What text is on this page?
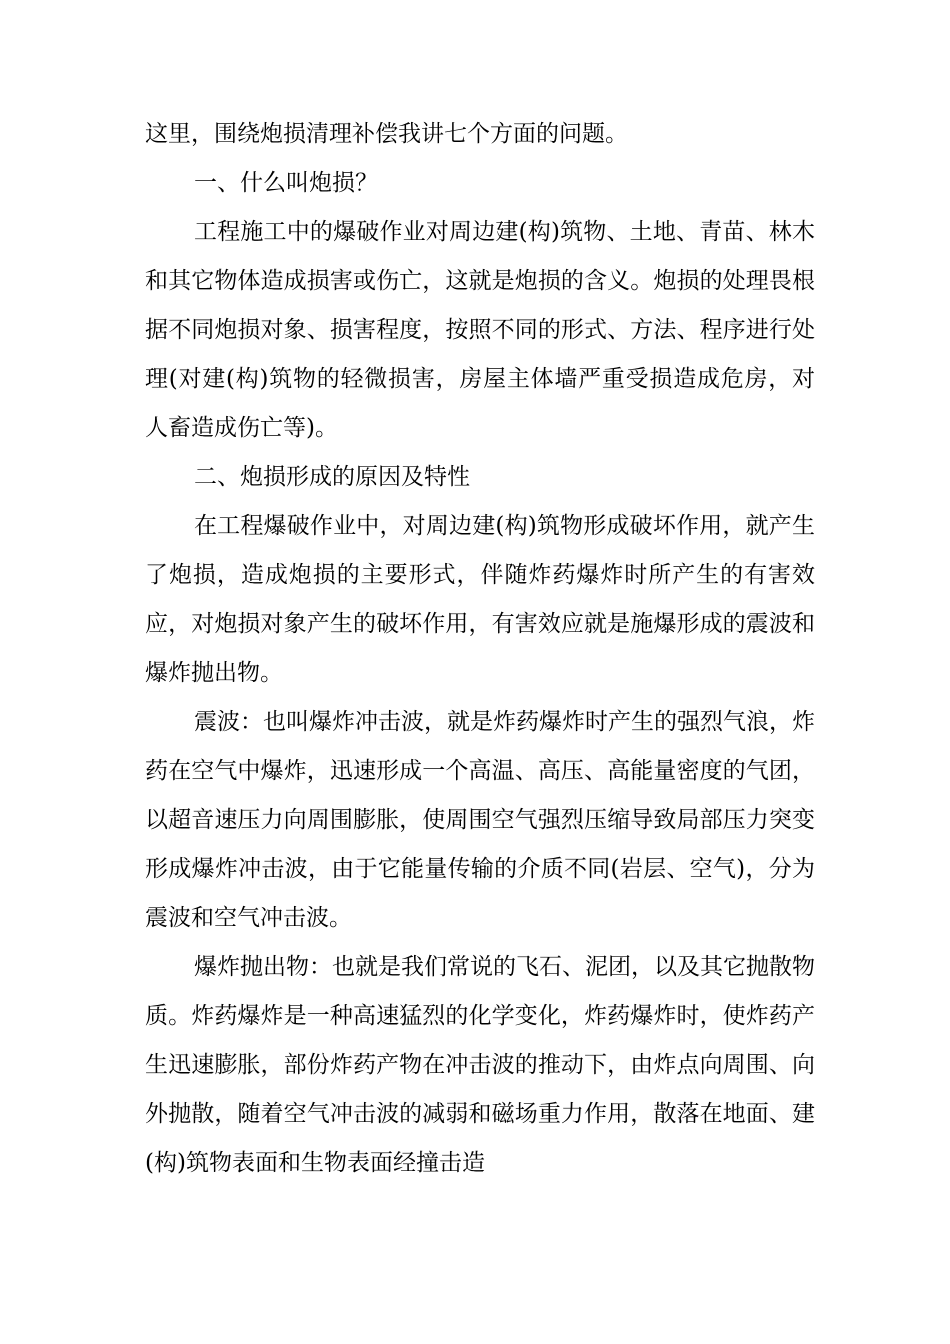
这里，围绕炮损清理补偿我讲七个方面的问题。

一、什么叫炮损？

工程施工中的爆破作业对周边建(构)筑物、土地、青苗、林木和其它物体造成损害或伤亡，这就是炮损的含义。炮损的处理畏根据不同炮损对象、损害程度，按照不同的形式、方法、程序进行处理(对建(构)筑物的轻微损害，房屋主体墙严重受损造成危房，对人畜造成伤亡等)。

二、炮损形成的原因及特性

在工程爆破作业中，对周边建(构)筑物形成破坏作用，就产生了炮损，造成炮损的主要形式，伴随炸药爆炸时所产生的有害效应，对炮损对象产生的破坏作用，有害效应就是施爆形成的震波和爆炸抛出物。

震波：也叫爆炸冲击波，就是炸药爆炸时产生的强烈气浪，炸药在空气中爆炸，迅速形成一个高温、高压、高能量密度的气团，以超音速压力向周围膨胀，使周围空气强烈压缩导致局部压力突变形成爆炸冲击波，由于它能量传输的介质不同(岩层、空气)，分为震波和空气冲击波。

爆炸抛出物：也就是我们常说的飞石、泥团，以及其它抛散物质。炸药爆炸是一种高速猛烈的化学变化，炸药爆炸时，使炸药产生迅速膨胀，部份炸药产物在冲击波的推动下，由炸点向周围、向外抛散，随着空气冲击波的减弱和磁场重力作用，散落在地面、建(构)筑物表面和生物表面经撞击造
